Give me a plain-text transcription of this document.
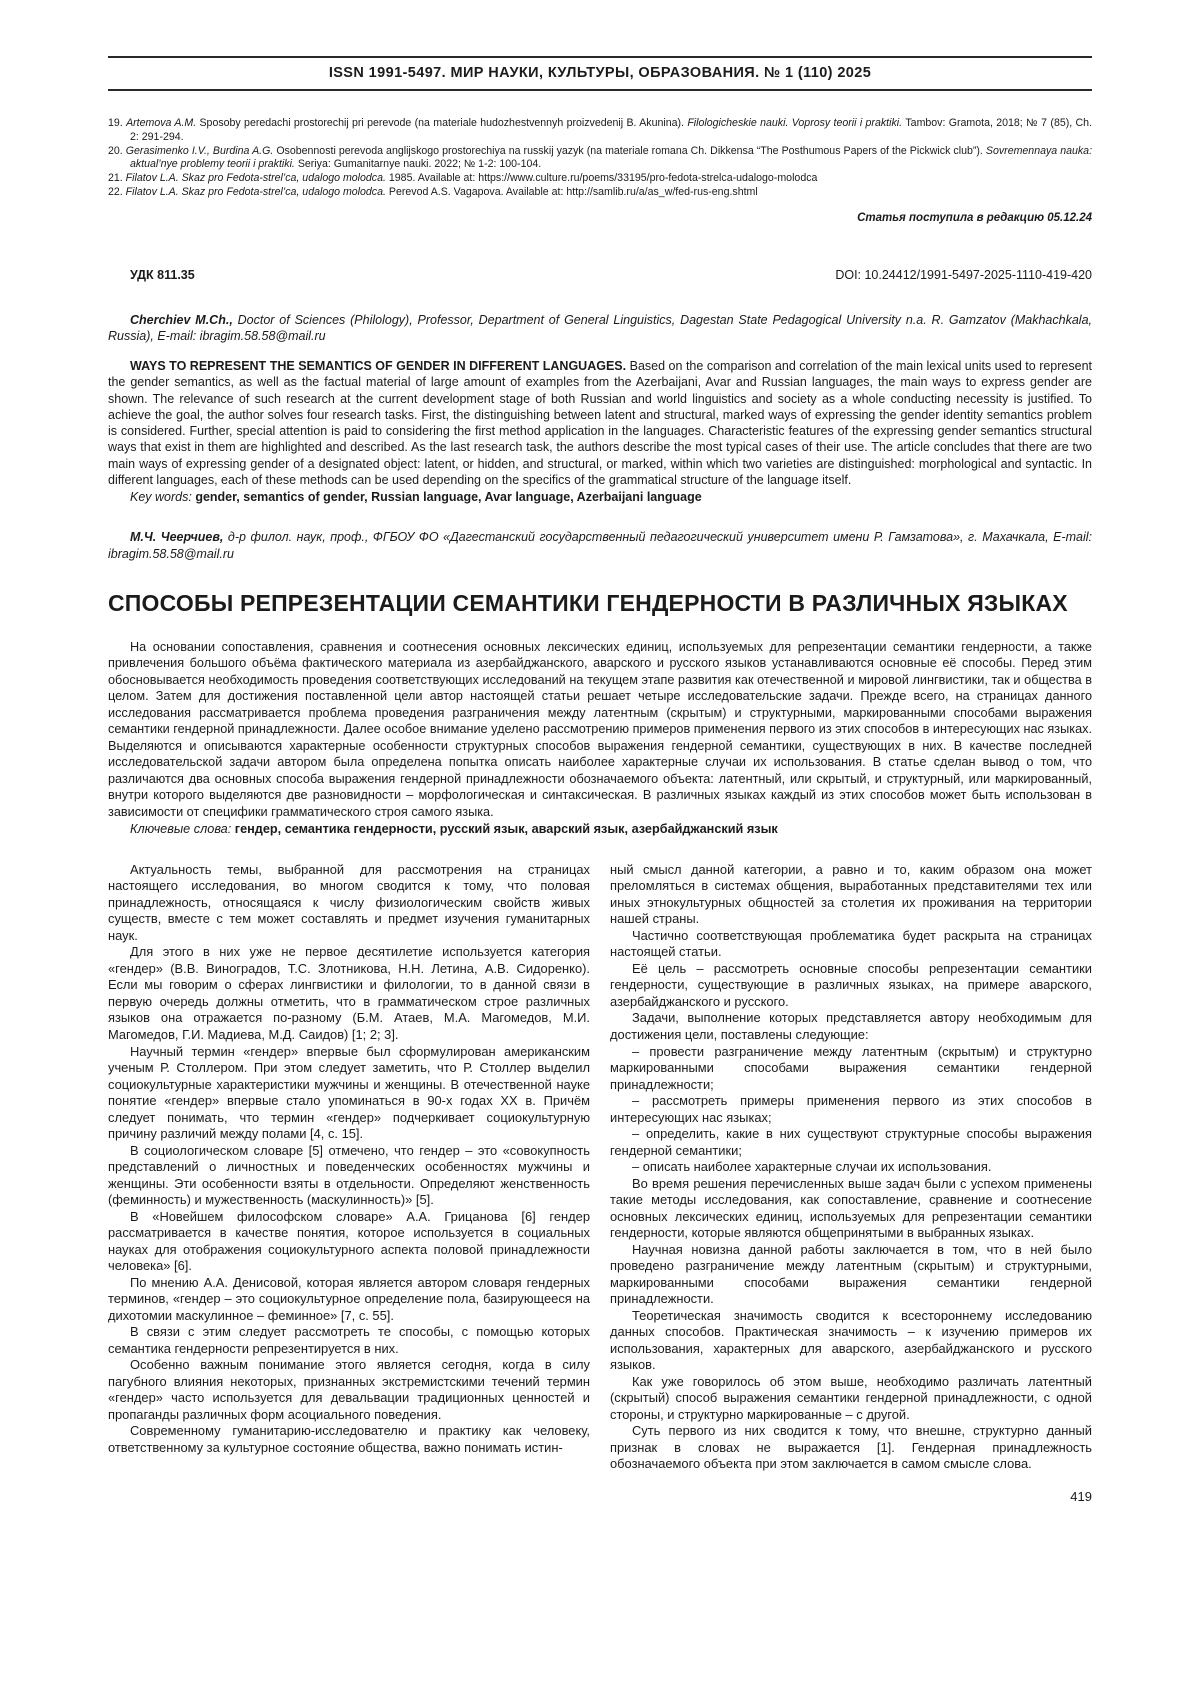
ISSN 1991-5497. МИР НАУКИ, КУЛЬТУРЫ, ОБРАЗОВАНИЯ. № 1 (110) 2025

19. Artemova A.M. Sposoby peredachi prostorechij pri perevode (na materiale hudozhestvennyh proizvedenij B. Akunina). Filologicheskie nauki. Voprosy teorii i praktiki. Tambov: Gramota, 2018; № 7 (85), Ch. 2: 291-294.

20. Gerasimenko I.V., Burdina A.G. Osobennosti perevoda anglijskogo prostorechiya na russkij yazyk (na materiale romana Ch. Dikkensa “The Posthumous Papers of the Pickwick club”). Sovremennaya nauka: aktual’nye problemy teorii i praktiki. Seriya: Gumanitarnye nauki. 2022; № 1-2: 100-104.

21. Filatov L.A. Skaz pro Fedota-strel’ca, udalogo molodca. 1985. Available at: https://www.culture.ru/poems/33195/pro-fedota-strelca-udalogo-molodca

22. Filatov L.A. Skaz pro Fedota-strel’ca, udalogo molodca. Perevod A.S. Vagapova. Available at: http://samlib.ru/a/as_w/fed-rus-eng.shtml

Статья поступила в редакцию 05.12.24
УДК 811.35	DOI: 10.24412/1991-5497-2025-1110-419-420

Cherchiev M.Ch., Doctor of Sciences (Philology), Professor, Department of General Linguistics, Dagestan State Pedagogical University n.a. R. Gamzatov (Makhachkala, Russia), E-mail: ibragim.58.58@mail.ru

WAYS TO REPRESENT THE SEMANTICS OF GENDER IN DIFFERENT LANGUAGES. Based on the comparison and correlation of the main lexical units used to represent the gender semantics, as well as the factual material of large amount of examples from the Azerbaijani, Avar and Russian languages, the main ways to express gender are shown. The relevance of such research at the current development stage of both Russian and world linguistics and society as a whole conducting necessity is justified. To achieve the goal, the author solves four research tasks. First, the distinguishing between latent and structural, marked ways of expressing the gender identity semantics problem is considered. Further, special attention is paid to considering the first method application in the languages. Characteristic features of the expressing gender semantics structural ways that exist in them are highlighted and described. As the last research task, the authors describe the most typical cases of their use. The article concludes that there are two main ways of expressing gender of a designated object: latent, or hidden, and structural, or marked, within which two varieties are distinguished: morphological and syntactic. In different languages, each of these methods can be used depending on the specifics of the grammatical structure of the language itself.

Key words: gender, semantics of gender, Russian language, Avar language, Azerbaijani language

М.Ч. Чеерчиев, д-р филол. наук, проф., ФГБОУ ФО «Дагестанский государственный педагогический университет имени Р. Гамзатова», г. Махачкала, E-mail: ibragim.58.58@mail.ru

СПОСОБЫ РЕПРЕЗЕНТАЦИИ СЕМАНТИКИ ГЕНДЕРНОСТИ В РАЗЛИЧНЫХ ЯЗЫКАХ

На основании сопоставления, сравнения и соотнесения основных лексических единиц, используемых для репрезентации семантики гендерности, а также привлечения большого объёма фактического материала из азербайджанского, аварского и русского языков устанавливаются основные её способы. Перед этим обосновывается необходимость проведения соответствующих исследований на текущем этапе развития как отечественной и мировой лингвистики, так и общества в целом. Затем для достижения поставленной цели автор настоящей статьи решает четыре исследовательские задачи. Прежде всего, на страницах данного исследования рассматривается проблема проведения разграничения между латентным (скрытым) и структурными, маркированными способами выражения семантики гендерной принадлежности. Далее особое внимание уделено рассмотрению примеров применения первого из этих способов в интересующих нас языках. Выделяются и описываются характерные особенности структурных способов выражения гендерной семантики, существующих в них. В качестве последней исследовательской задачи автором была определена попытка описать наиболее характерные случаи их использования. В статье сделан вывод о том, что различаются два основных способа выражения гендерной принадлежности обозначаемого объекта: латентный, или скрытый, и структурный, или маркированный, внутри которого выделяются две разновидности – морфологическая и синтаксическая. В различных языках каждый из этих способов может быть использован в зависимости от специфики грамматического строя самого языка.

Ключевые слова: гендер, семантика гендерности, русский язык, аварский язык, азербайджанский язык

Актуальность темы, выбранной для рассмотрения на страницах настоящего исследования, во многом сводится к тому, что половая принадлежность, относящаяся к числу физиологическим свойств живых существ, вместе с тем может составлять и предмет изучения гуманитарных наук.

Для этого в них уже не первое десятилетие используется категория «гендер» (В.В. Виноградов, Т.С. Злотникова, Н.Н. Летина, А.В. Сидоренко). Если мы говорим о сферах лингвистики и филологии, то в данной связи в первую очередь должны отметить, что в грамматическом строе различных языков она отражается по-разному (Б.М. Атаев, М.А. Магомедов, М.И. Магомедов, Г.И. Мадиева, М.Д. Саидов) [1; 2; 3].

Научный термин «гендер» впервые был сформулирован американским ученым Р. Столлером. При этом следует заметить, что Р. Столлер выделил социокультурные характеристики мужчины и женщины. В отечественной науке понятие «гендер» впервые стало упоминаться в 90-х годах XX в. Причём следует понимать, что термин «гендер» подчеркивает социокультурную причину различий между полами [4, с. 15].

В социологическом словаре [5] отмечено, что гендер – это «совокупность представлений о личностных и поведенческих особенностях мужчины и женщины. Эти особенности взяты в отдельности. Определяют женственность (феминность) и мужественность (маскулинность)» [5].

В «Новейшем философском словаре» А.А. Грицанова [6] гендер рассматривается в качестве понятия, которое используется в социальных науках для отображения социокультурного аспекта половой принадлежности человека» [6].

По мнению А.А. Денисовой, которая является автором словаря гендерных терминов, «гендер – это социокультурное определение пола, базирующееся на дихотомии маскулинное – феминное» [7, с. 55].

В связи с этим следует рассмотреть те способы, с помощью которых семантика гендерности репрезентируется в них.

Особенно важным понимание этого является сегодня, когда в силу пагубного влияния некоторых, признанных экстремистскими течений термин «гендер» часто используется для девальвации традиционных ценностей и пропаганды различных форм асоциального поведения.

Современному гуманитарию-исследователю и практику как человеку, ответственному за культурное состояние общества, важно понимать истин-

ный смысл данной категории, а равно и то, каким образом она может преломляться в системах общения, выработанных представителями тех или иных этнокультурных общностей за столетия их проживания на территории нашей страны.

Частично соответствующая проблематика будет раскрыта на страницах настоящей статьи.

Её цель – рассмотреть основные способы репрезентации семантики гендерности, существующие в различных языках, на примере аварского, азербайджанского и русского.

Задачи, выполнение которых представляется автору необходимым для достижения цели, поставлены следующие:

– провести разграничение между латентным (скрытым) и структурно маркированными способами выражения семантики гендерной принадлежности;

– рассмотреть примеры применения первого из этих способов в интересующих нас языках;

– определить, какие в них существуют структурные способы выражения гендерной семантики;

– описать наиболее характерные случаи их использования.

Во время решения перечисленных выше задач были с успехом применены такие методы исследования, как сопоставление, сравнение и соотнесение основных лексических единиц, используемых для репрезентации семантики гендерности, которые являются общепринятыми в выбранных языках.

Научная новизна данной работы заключается в том, что в ней было проведено разграничение между латентным (скрытым) и структурными, маркированными способами выражения семантики гендерной принадлежности.

Теоретическая значимость сводится к всестороннему исследованию данных способов. Практическая значимость – к изучению примеров их использования, характерных для аварского, азербайджанского и русского языков.

Как уже говорилось об этом выше, необходимо различать латентный (скрытый) способ выражения семантики гендерной принадлежности, с одной стороны, и структурно маркированные – с другой.

Суть первого из них сводится к тому, что внешне, структурно данный признак в словах не выражается [1]. Гендерная принадлежность обозначаемого объекта при этом заключается в самом смысле слова.

419
